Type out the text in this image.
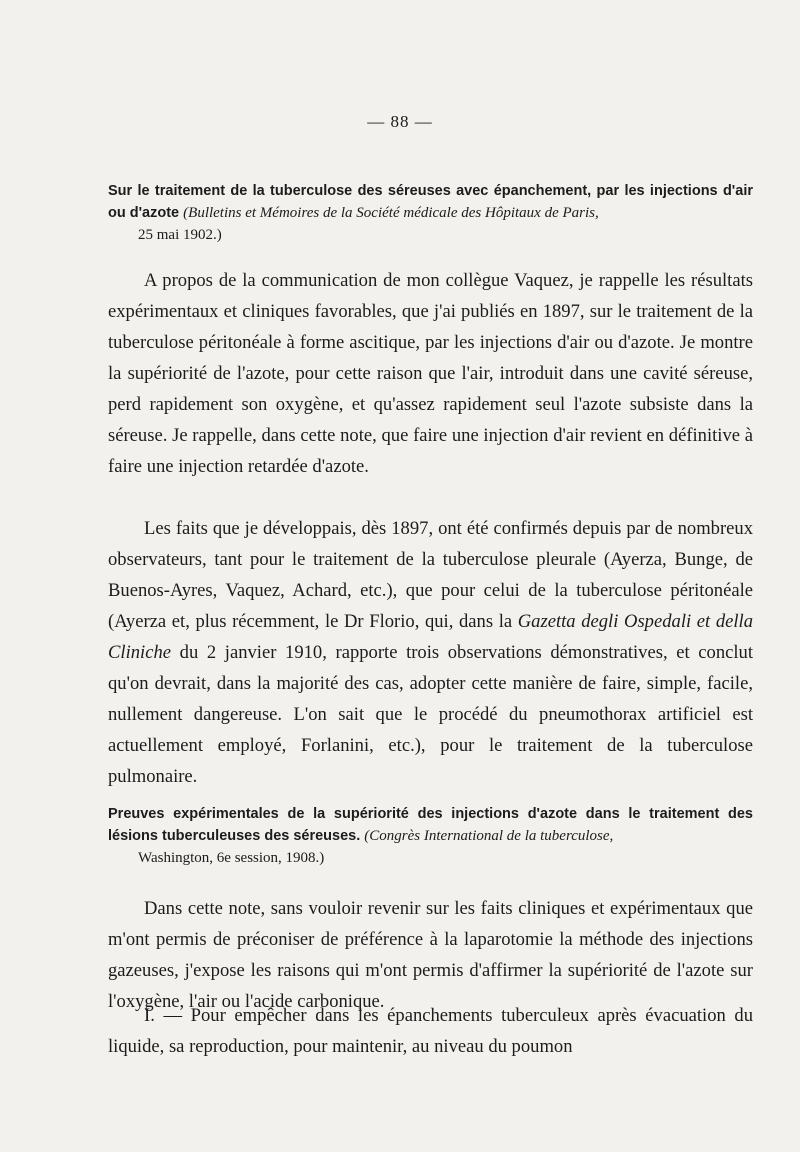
— 88 —
Sur le traitement de la tuberculose des séreuses avec épanchement, par les injections d'air ou d'azote (Bulletins et Mémoires de la Société médicale des Hôpitaux de Paris,
25 mai 1902.)
A propos de la communication de mon collègue Vaquez, je rappelle les résultats expérimentaux et cliniques favorables, que j'ai publiés en 1897, sur le traitement de la tuberculose péritonéale à forme ascitique, par les injections d'air ou d'azote. Je montre la supériorité de l'azote, pour cette raison que l'air, introduit dans une cavité séreuse, perd rapidement son oxygène, et qu'assez rapidement seul l'azote subsiste dans la séreuse. Je rappelle, dans cette note, que faire une injection d'air revient en définitive à faire une injection retardée d'azote.
Les faits que je développais, dès 1897, ont été confirmés depuis par de nombreux observateurs, tant pour le traitement de la tuberculose pleurale (Ayerza, Bunge, de Buenos-Ayres, Vaquez, Achard, etc.), que pour celui de la tuberculose péritonéale (Ayerza et, plus récemment, le Dr Florio, qui, dans la Gazetta degli Ospedali et della Cliniche du 2 janvier 1910, rapporte trois observations démonstratives, et conclut qu'on devrait, dans la majorité des cas, adopter cette manière de faire, simple, facile, nullement dangereuse. L'on sait que le procédé du pneumothorax artificiel est actuellement employé, Forlanini, etc.), pour le traitement de la tuberculose pulmonaire.
Preuves expérimentales de la supériorité des injections d'azote dans le traitement des lésions tuberculeuses des séreuses. (Congrès International de la tuberculose,
Washington, 6e session, 1908.)
Dans cette note, sans vouloir revenir sur les faits cliniques et expérimentaux que m'ont permis de préconiser de préférence à la laparotomie la méthode des injections gazeuses, j'expose les raisons qui m'ont permis d'affirmer la supériorité de l'azote sur l'oxygène, l'air ou l'acide carbonique.
I. — Pour empêcher dans les épanchements tuberculeux après évacuation du liquide, sa reproduction, pour maintenir, au niveau du poumon
